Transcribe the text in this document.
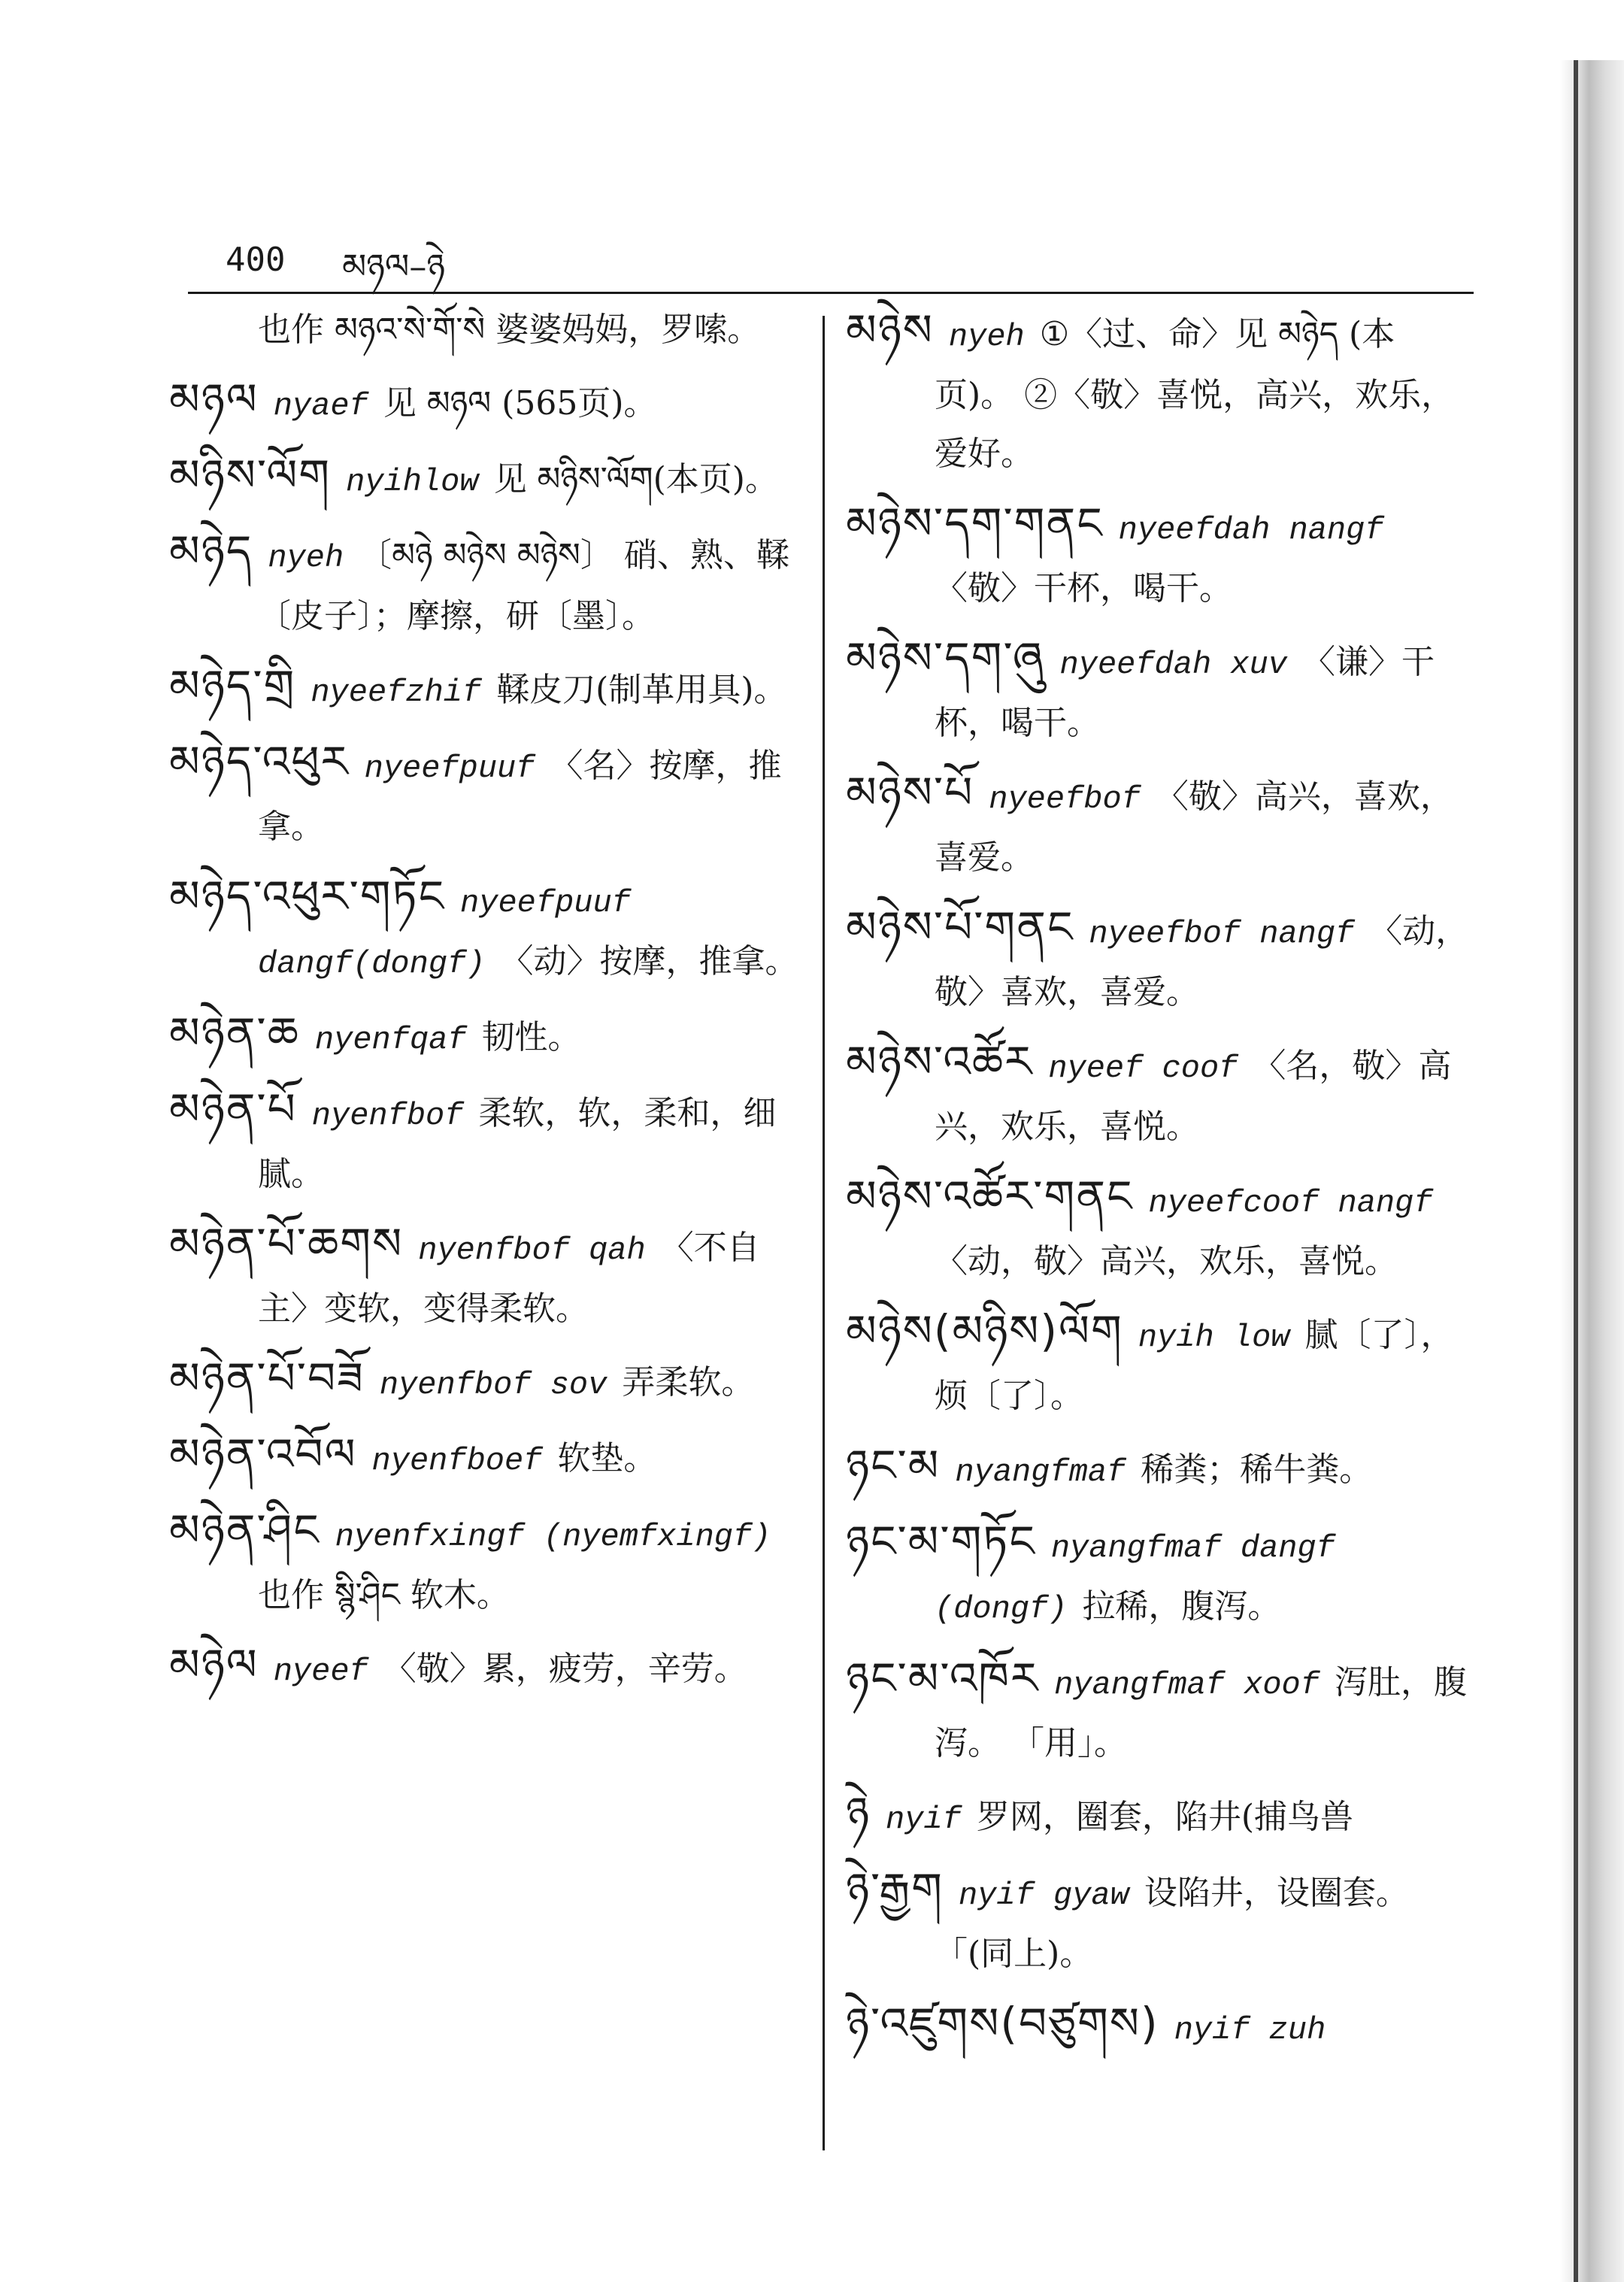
400 མཉལ–ཉེ
也作 མཉའ་སེ་གོ་སེ 婆婆妈妈，罗嗦。
མཉལ nyaef 见 མཉལ (565页)。
མཉིས་ལོག nyihlow 见 མཉིས་ལོག(本页)。
མཉེད nyeh 〔མཉེ མཉེས མཉེས〕 硝、熟、鞣〔皮子〕；摩擦，研〔墨〕。
མཉེད་གྲི nyeefzhif 鞣皮刀(制革用具)。
མཉེད་འཕུར nyeefpuuf 〈名〉按摩，推拿。
མཉེད་འཕུར་གཏོང nyeefpuuf dangf(dongf) 〈动〉按摩，推拿。
མཉེན་ཆ nyenfqaf 韧性。
མཉེན་པོ nyenfbof 柔软，软，柔和，细腻。
མཉེན་པོ་ཆགས nyenfbof qah 〈不自主〉变软，变得柔软。
མཉེན་པོ་བཟོ nyenfbof sov 弄柔软。
མཉེན་འབོལ nyenfboef 软垫。
མཉེན་ཤིང nyenfxingf (nyemfxingf) 也作 སྙི་ཤིང 软木。
མཉེལ nyeef 〈敬〉累，疲劳，辛劳。
མཉེས nyeh ①〈过、命〉见 མཉེད (本页)。 ②〈敬〉喜悦，高兴，欢乐，爱好。
མཉེས་དག་གནང nyeefdah nangf 〈敬〉干杯，喝干。
མཉེས་དག་ཞུ nyeefdah xuv 〈谦〉干杯，喝干。
མཉེས་པོ nyeefbof 〈敬〉高兴，喜欢，喜爱。
མཉེས་པོ་གནང nyeefbof nangf 〈动，敬〉喜欢，喜爱。
མཉེས་འཚོར nyeef coof 〈名，敬〉高兴，欢乐，喜悦。
མཉེས་འཚོར་གནང nyeefcoof nangf 〈动，敬〉高兴，欢乐，喜悦。
མཉེས(མཉིས)ལོག nyih low 腻〔了〕，烦〔了〕。
ཉང་མ nyangfmaf 稀粪；稀牛粪。
ཉང་མ་གཏོང nyangfmaf dangf (dongf) 拉稀，腹泻。
ཉང་མ་འཁོར nyangfmaf xoof 泻肚，腹泻。 「用」。
ཉེ nyif 罗网，圈套，陷井(捕鸟兽
ཉེ་རྒྱག nyif gyaw 设陷井，设圈套。 「(同上)。
ཉེ་འཛུགས(བཙུགས) nyif zuh
